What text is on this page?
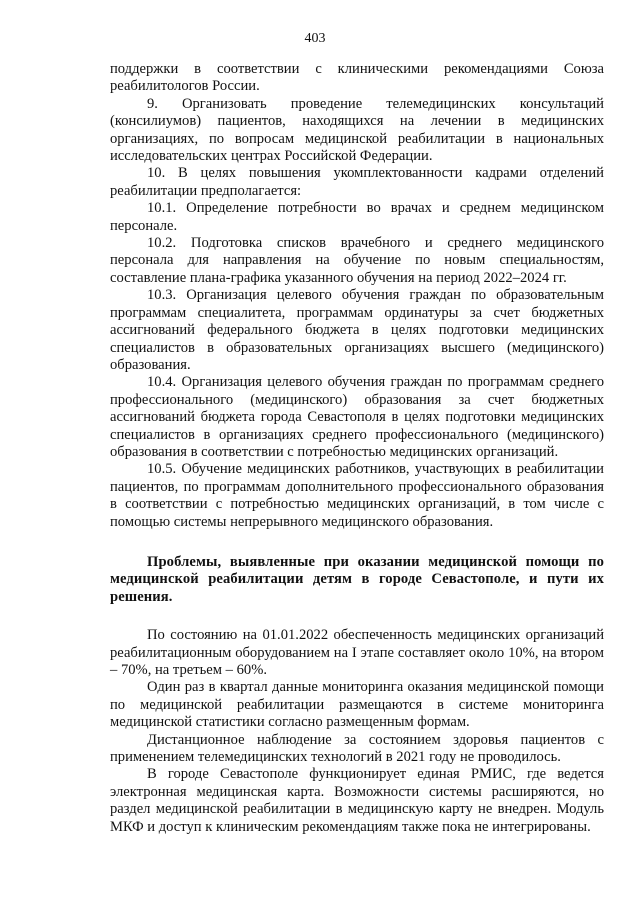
403

поддержки в соответствии с клиническими рекомендациями Союза реабилитологов России.

9. Организовать проведение телемедицинских консультаций (консилиумов) пациентов, находящихся на лечении в медицинских организациях, по вопросам медицинской реабилитации в национальных исследовательских центрах Российской Федерации.

10. В целях повышения укомплектованности кадрами отделений реабилитации предполагается:

10.1. Определение потребности во врачах и среднем медицинском персонале.

10.2. Подготовка списков врачебного и среднего медицинского персонала для направления на обучение по новым специальностям, составление плана-графика указанного обучения на период 2022–2024 гг.

10.3. Организация целевого обучения граждан по образовательным программам специалитета, программам ординатуры за счет бюджетных ассигнований федерального бюджета в целях подготовки медицинских специалистов в образовательных организациях высшего (медицинского) образования.

10.4. Организация целевого обучения граждан по программам среднего профессионального (медицинского) образования за счет бюджетных ассигнований бюджета города Севастополя в целях подготовки медицинских специалистов в организациях среднего профессионального (медицинского) образования в соответствии с потребностью медицинских организаций.

10.5. Обучение медицинских работников, участвующих в реабилитации пациентов, по программам дополнительного профессионального образования в соответствии с потребностью медицинских организаций, в том числе с помощью системы непрерывного медицинского образования.

Проблемы, выявленные при оказании медицинской помощи по медицинской реабилитации детям в городе Севастополе, и пути их решения.

По состоянию на 01.01.2022 обеспеченность медицинских организаций реабилитационным оборудованием на I этапе составляет около 10%, на втором – 70%, на третьем – 60%.

Один раз в квартал данные мониторинга оказания медицинской помощи по медицинской реабилитации размещаются в системе мониторинга медицинской статистики согласно размещенным формам.

Дистанционное наблюдение за состоянием здоровья пациентов с применением телемедицинских технологий в 2021 году не проводилось.

В городе Севастополе функционирует единая РМИС, где ведется электронная медицинская карта. Возможности системы расширяются, но раздел медицинской реабилитации в медицинскую карту не внедрен. Модуль МКФ и доступ к клиническим рекомендациям также пока не интегрированы.
